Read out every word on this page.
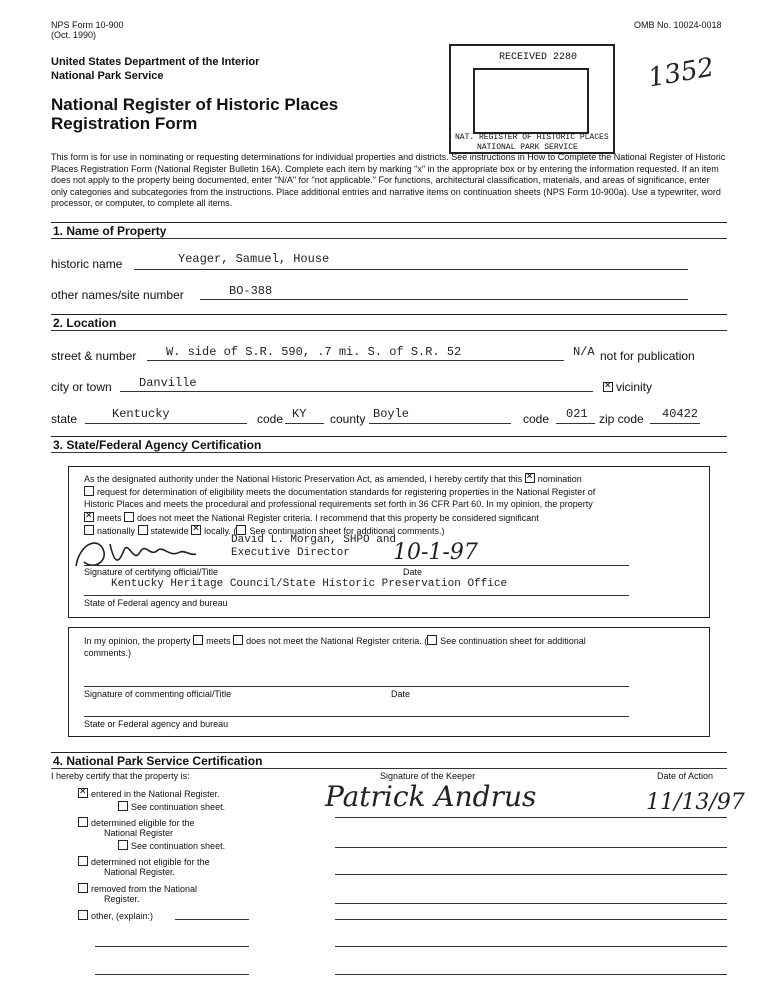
NPS Form 10-900
(Oct. 1990)
OMB No. 10024-0018
United States Department of the Interior
National Park Service
National Register of Historic Places
Registration Form
RECEIVED 2280
NAT. REGISTER OF HISTORIC PLACES
NATIONAL PARK SERVICE
1352
This form is for use in nominating or requesting determinations for individual properties and districts. See instructions in How to Complete the National Register of Historic Places Registration Form (National Register Bulletin 16A). Complete each item by marking "x" in the appropriate box or by entering the information requested. If an item does not apply to the property being documented, enter "N/A" for "not applicable." For functions, architectural classification, materials, and areas of significance, enter only categories and subcategories from the instructions. Place additional entries and narrative items on continuation sheets (NPS Form 10-900a). Use a typewriter, word processor, or computer, to complete all items.
1. Name of Property
historic name	Yeager, Samuel, House
other names/site number	BO-388
2. Location
street & number W. side of S.R. 590, .7 mi. S. of S.R. 52	N/A not for publication
city or town Danville ✕	vicinity
state	Kentucky	code KY county Boyle	code 021 zip code 40422
3. State/Federal Agency Certification
As the designated authority under the National Historic Preservation Act, as amended, I hereby certify that this ✕ nomination
request for determination of eligibility meets the documentation standards for registering properties in the National Register of
Historic Places and meets the procedural and professional requirements set forth in 36 CFR Part 60. In my opinion, the property
✕meets does not meet the National Register criteria. I recommend that this property be considered significant
nationally statewide ✕ locally. ( See continuation sheet for additional comments.)
David L. Morgan, SHPO and
Executive Director 10-1-97
Signature of certifying official/Title	Date
Kentucky Heritage Council/State Historic Preservation Office
State of Federal agency and bureau
In my opinion, the property meets does not meet the National Register criteria. ( See continuation sheet for additional
comments.)
Signature of commenting official/Title	Date
State or Federal agency and bureau
4. National Park Service Certification
I hereby certify that the property is:	Signature of the Keeper	Date of Action
Patrick Andrus	11/13/97
✕entered in the National Register.
See continuation sheet.
determined eligible for the
National Register
See continuation sheet.
determined not eligible for the
National Register.
removed from the National
Register.
other, (explain:)
